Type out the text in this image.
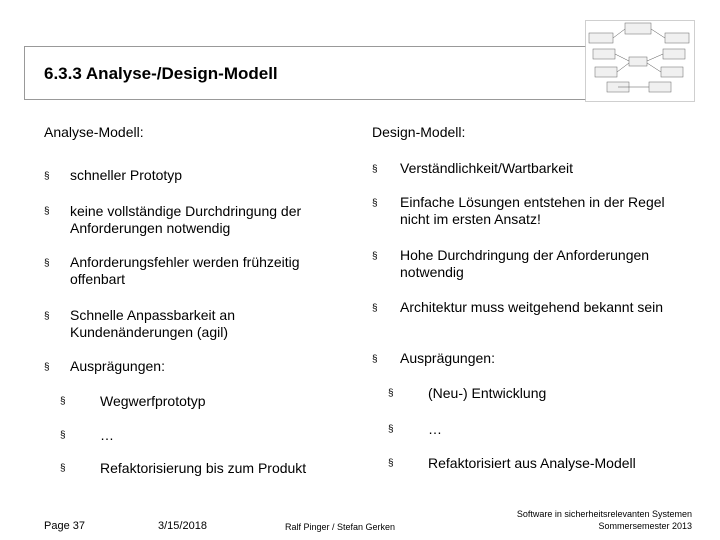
6.3.3 Analyse-/Design-Modell
Analyse-Modell:	Design-Modell:
§ schneller Prototyp
§ keine vollständige Durchdringung der Anforderungen notwendig
§ Anforderungsfehler werden frühzeitig offenbart
§ Schnelle Anpassbarkeit an Kundenänderungen (agil)
§ Ausprägungen:
§ Wegwerfprototyp
§ …
§ Refaktorisierung bis zum Produkt
§ Verständlichkeit/Wartbarkeit
§ Einfache Lösungen entstehen in der Regel nicht im ersten Ansatz!
§ Hohe Durchdringung der Anforderungen notwendig
§ Architektur muss weitgehend bekannt sein
§ Ausprägungen:
§ (Neu-) Entwicklung
§ …
§ Refaktorisiert aus Analyse-Modell
Page 37	3/15/2018	Ralf Pinger / Stefan Gerken
Software in sicherheitsrelevanten Systemen
Sommersemester 2013
